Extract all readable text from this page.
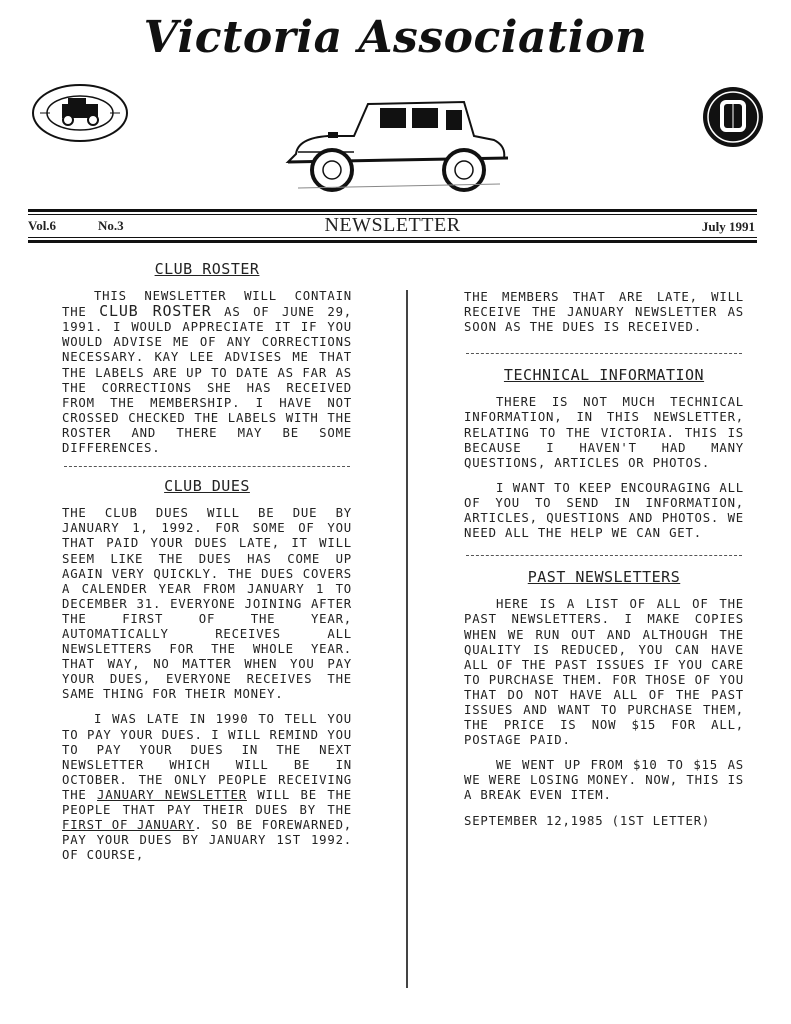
Victoria Association
Vol.6	No.3	NEWSLETTER	July 1991
CLUB ROSTER

THIS NEWSLETTER WILL CONTAIN THE CLUB ROSTER AS OF JUNE 29, 1991. I WOULD APPRECIATE IT IF YOU WOULD ADVISE ME OF ANY CORRECTIONS NECESSARY. KAY LEE ADVISES ME THAT THE LABELS ARE UP TO DATE AS FAR AS THE CORRECTIONS SHE HAS RECEIVED FROM THE MEMBERSHIP. I HAVE NOT CROSSED CHECKED THE LABELS WITH THE ROSTER AND THERE MAY BE SOME DIFFERENCES.

CLUB DUES

THE CLUB DUES WILL BE DUE BY JANUARY 1, 1992. FOR SOME OF YOU THAT PAID YOUR DUES LATE, IT WILL SEEM LIKE THE DUES HAS COME UP AGAIN VERY QUICKLY. THE DUES COVERS A CALENDER YEAR FROM JANUARY 1 TO DECEMBER 31. EVERYONE JOINING AFTER THE FIRST OF THE YEAR, AUTOMATICALLY RECEIVES ALL NEWSLETTERS FOR THE WHOLE YEAR. THAT WAY, NO MATTER WHEN YOU PAY YOUR DUES, EVERYONE RECEIVES THE SAME THING FOR THEIR MONEY.

I WAS LATE IN 1990 TO TELL YOU TO PAY YOUR DUES. I WILL REMIND YOU TO PAY YOUR DUES IN THE NEXT NEWSLETTER WHICH WILL BE IN OCTOBER. THE ONLY PEOPLE RECEIVING THE JANUARY NEWSLETTER WILL BE THE PEOPLE THAT PAY THEIR DUES BY THE FIRST OF JANUARY. SO BE FOREWARNED, PAY YOUR DUES BY JANUARY 1ST 1992. OF COURSE,

THE MEMBERS THAT ARE LATE, WILL RECEIVE THE JANUARY NEWSLETTER AS SOON AS THE DUES IS RECEIVED.

TECHNICAL INFORMATION

THERE IS NOT MUCH TECHNICAL INFORMATION, IN THIS NEWSLETTER, RELATING TO THE VICTORIA. THIS IS BECAUSE I HAVEN'T HAD MANY QUESTIONS, ARTICLES OR PHOTOS.

I WANT TO KEEP ENCOURAGING ALL OF YOU TO SEND IN INFORMATION, ARTICLES, QUESTIONS AND PHOTOS. WE NEED ALL THE HELP WE CAN GET.

PAST NEWSLETTERS

HERE IS A LIST OF ALL OF THE PAST NEWSLETTERS. I MAKE COPIES WHEN WE RUN OUT AND ALTHOUGH THE QUALITY IS REDUCED, YOU CAN HAVE ALL OF THE PAST ISSUES IF YOU CARE TO PURCHASE THEM. FOR THOSE OF YOU THAT DO NOT HAVE ALL OF THE PAST ISSUES AND WANT TO PURCHASE THEM, THE PRICE IS NOW $15 FOR ALL, POSTAGE PAID.

WE WENT UP FROM $10 TO $15 AS WE WERE LOSING MONEY. NOW, THIS IS A BREAK EVEN ITEM.

SEPTEMBER 12,1985 (1ST LETTER)
